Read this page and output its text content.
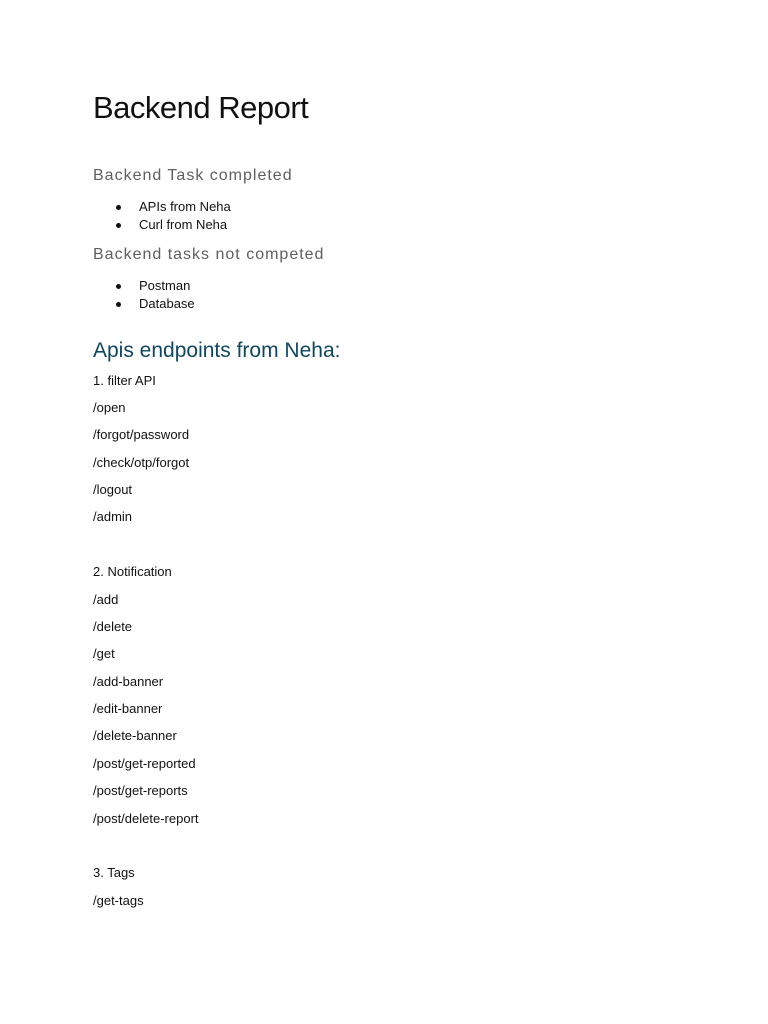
Backend Report
Backend Task completed
APIs from Neha
Curl from Neha
Backend tasks not competed
Postman
Database
Apis endpoints from Neha:

1. filter API

/open

/forgot/password

/check/otp/forgot

/logout

/admin

2. Notification

/add

/delete

/get

/add-banner

/edit-banner

/delete-banner

/post/get-reported

/post/get-reports

/post/delete-report

3. Tags

/get-tags
